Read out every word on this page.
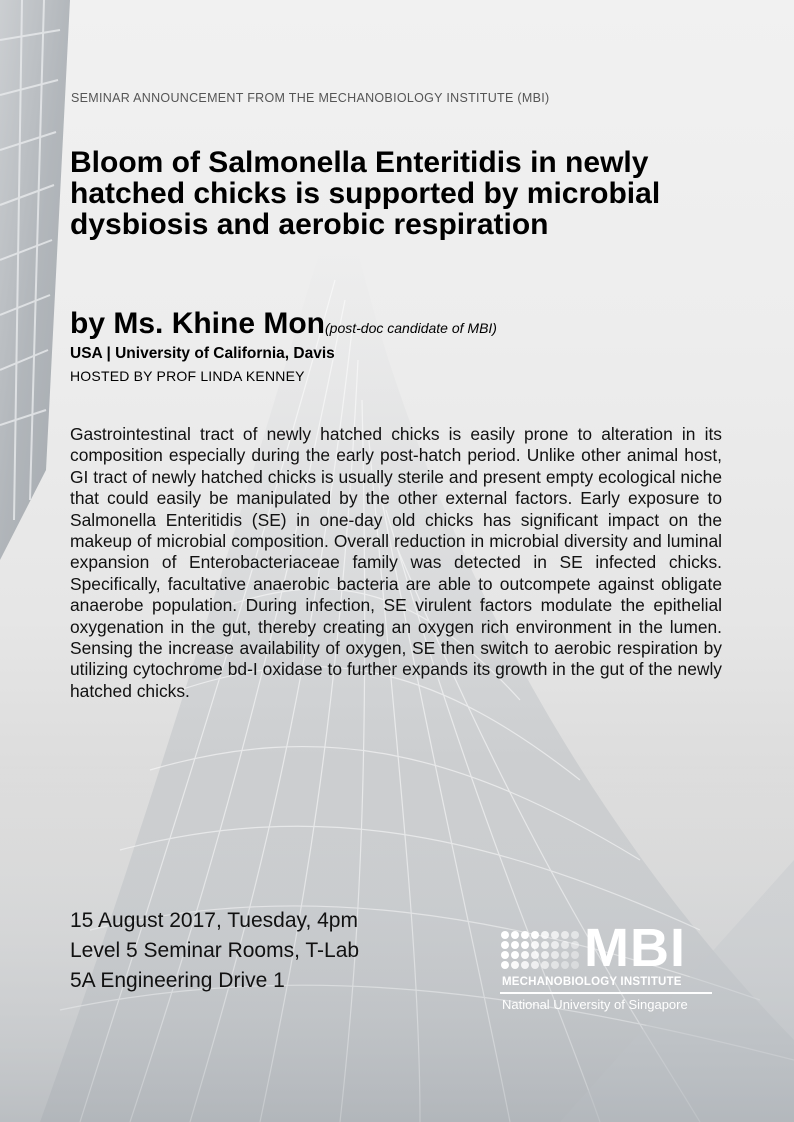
SEMINAR ANNOUNCEMENT FROM THE MECHANOBIOLOGY INSTITUTE (MBI)
Bloom of Salmonella Enteritidis in newly hatched chicks is supported by microbial dysbiosis and aerobic respiration
by Ms. Khine Mon(post-doc candidate of MBI)
USA | University of California, Davis
HOSTED BY PROF LINDA KENNEY

Gastrointestinal tract of newly hatched chicks is easily prone to alteration in its composition especially during the early post-hatch period. Unlike other animal host, GI tract of newly hatched chicks is usually sterile and present empty ecological niche that could easily be manipulated by the other external factors. Early exposure to Salmonella Enteritidis (SE) in one-day old chicks has significant impact on the makeup of microbial composition. Overall reduction in microbial diversity and luminal expansion of Enterobacteriaceae family was detected in SE infected chicks. Specifically, facultative anaerobic bacteria are able to outcompete against obligate anaerobe population. During infection, SE virulent factors modulate the epithelial oxygenation in the gut, thereby creating an oxygen rich environment in the lumen. Sensing the increase availability of oxygen, SE then switch to aerobic respiration by utilizing cytochrome bd-I oxidase to further expands its growth in the gut of the newly hatched chicks.

15 August 2017, Tuesday, 4pm
Level 5 Seminar Rooms, T-Lab
5A Engineering Drive 1
MBI
MECHANOBIOLOGY INSTITUTE
National University of Singapore
